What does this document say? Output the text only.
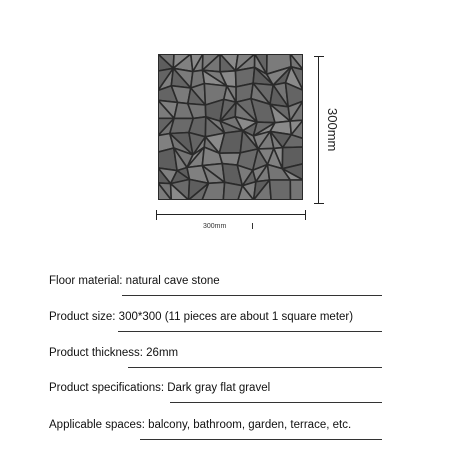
300mm
300mm
Floor material: natural cave stone
Product size: 300*300 (11 pieces are about 1 square meter)
Product thickness: 26mm
Product specifications: Dark gray flat gravel
Applicable spaces: balcony, bathroom, garden, terrace, etc.
